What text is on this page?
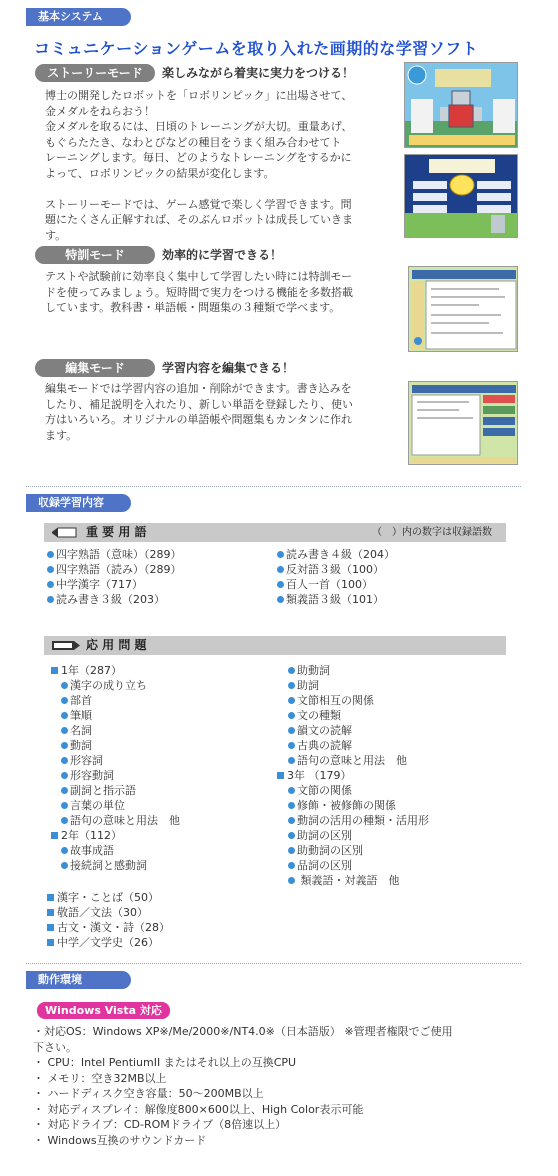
基本システム
コミュニケーションゲームを取り入れた画期的な学習ソフト
ストーリーモード	楽しみながら着実に実力をつける！
博士の開発したロボットを「ロボリンピック」に出場させて、
金メダルをねらおう！
金メダルを取るには、日頃のトレーニングが大切。重量あげ、
もぐらたたき、なわとびなどの種目をうまく組み合わせてト
レーニングします。毎日、どのようなトレーニングをするかに
よって、ロボリンピックの結果が変化します。

ストーリーモードでは、ゲーム感覚で楽しく学習できます。問
題にたくさん正解すれば、そのぶんロボットは成長していきま
す。
特訓モード	効率的に学習できる！
テストや試験前に効率良く集中して学習したい時には特訓モー
ドを使ってみましょう。短時間で実力をつける機能を多数搭載
しています。教科書・単語帳・問題集の３種類で学べます。
編集モード	学習内容を編集できる！
編集モードでは学習内容の追加・削除ができます。書き込みを
したり、補足説明を入れたり、新しい単語を登録したり、使い
方はいろいろ。オリジナルの単語帳や問題集もカンタンに作れ
ます。
収録学習内容
重 要 用 語	（　）内の数字は収録語数
四字熟語（意味）（289）
四字熟語（読み）（289）
中学漢字（717）
読み書き３級（203）
読み書き４級（204）
反対語３級（100）
百人一首（100）
類義語３級（101）
応 用 問 題
1年（287）
漢字の成り立ち
部首
筆順
名詞
動詞
形容詞
形容動詞
副詞と指示語
言葉の単位
語句の意味と用法　他
2年（112）
故事成語
接続詞と感動詞
助動詞
助詞
文節相互の関係
文の種類
韻文の読解
古典の読解
語句の意味と用法　他
3年 （179）
文節の関係
修飾・被修飾の関係
動詞の活用の種類・活用形
助詞の区別
助動詞の区別
品詞の区別
類義語・対義語　他
漢字・ことば（50）
敬語／文法（30）
古文・漢文・詩（28）
中学／文学史（26）
動作環境
Windows Vista 対応
・対応OS：Windows XP※/Me/2000※/NT4.0※（日本語版） ※管理者権限でご使用
下さい。
・ CPU：Intel PentiumII またはそれ以上の互換CPU
・ メモリ：空き32MB以上
・ ハードディスク空き容量：50～200MB以上
・ 対応ディスプレイ：解像度800×600以上、High Color表示可能
・ 対応ドライブ：CD-ROMドライブ（8倍速以上）
・ Windows互換のサウンドカード
